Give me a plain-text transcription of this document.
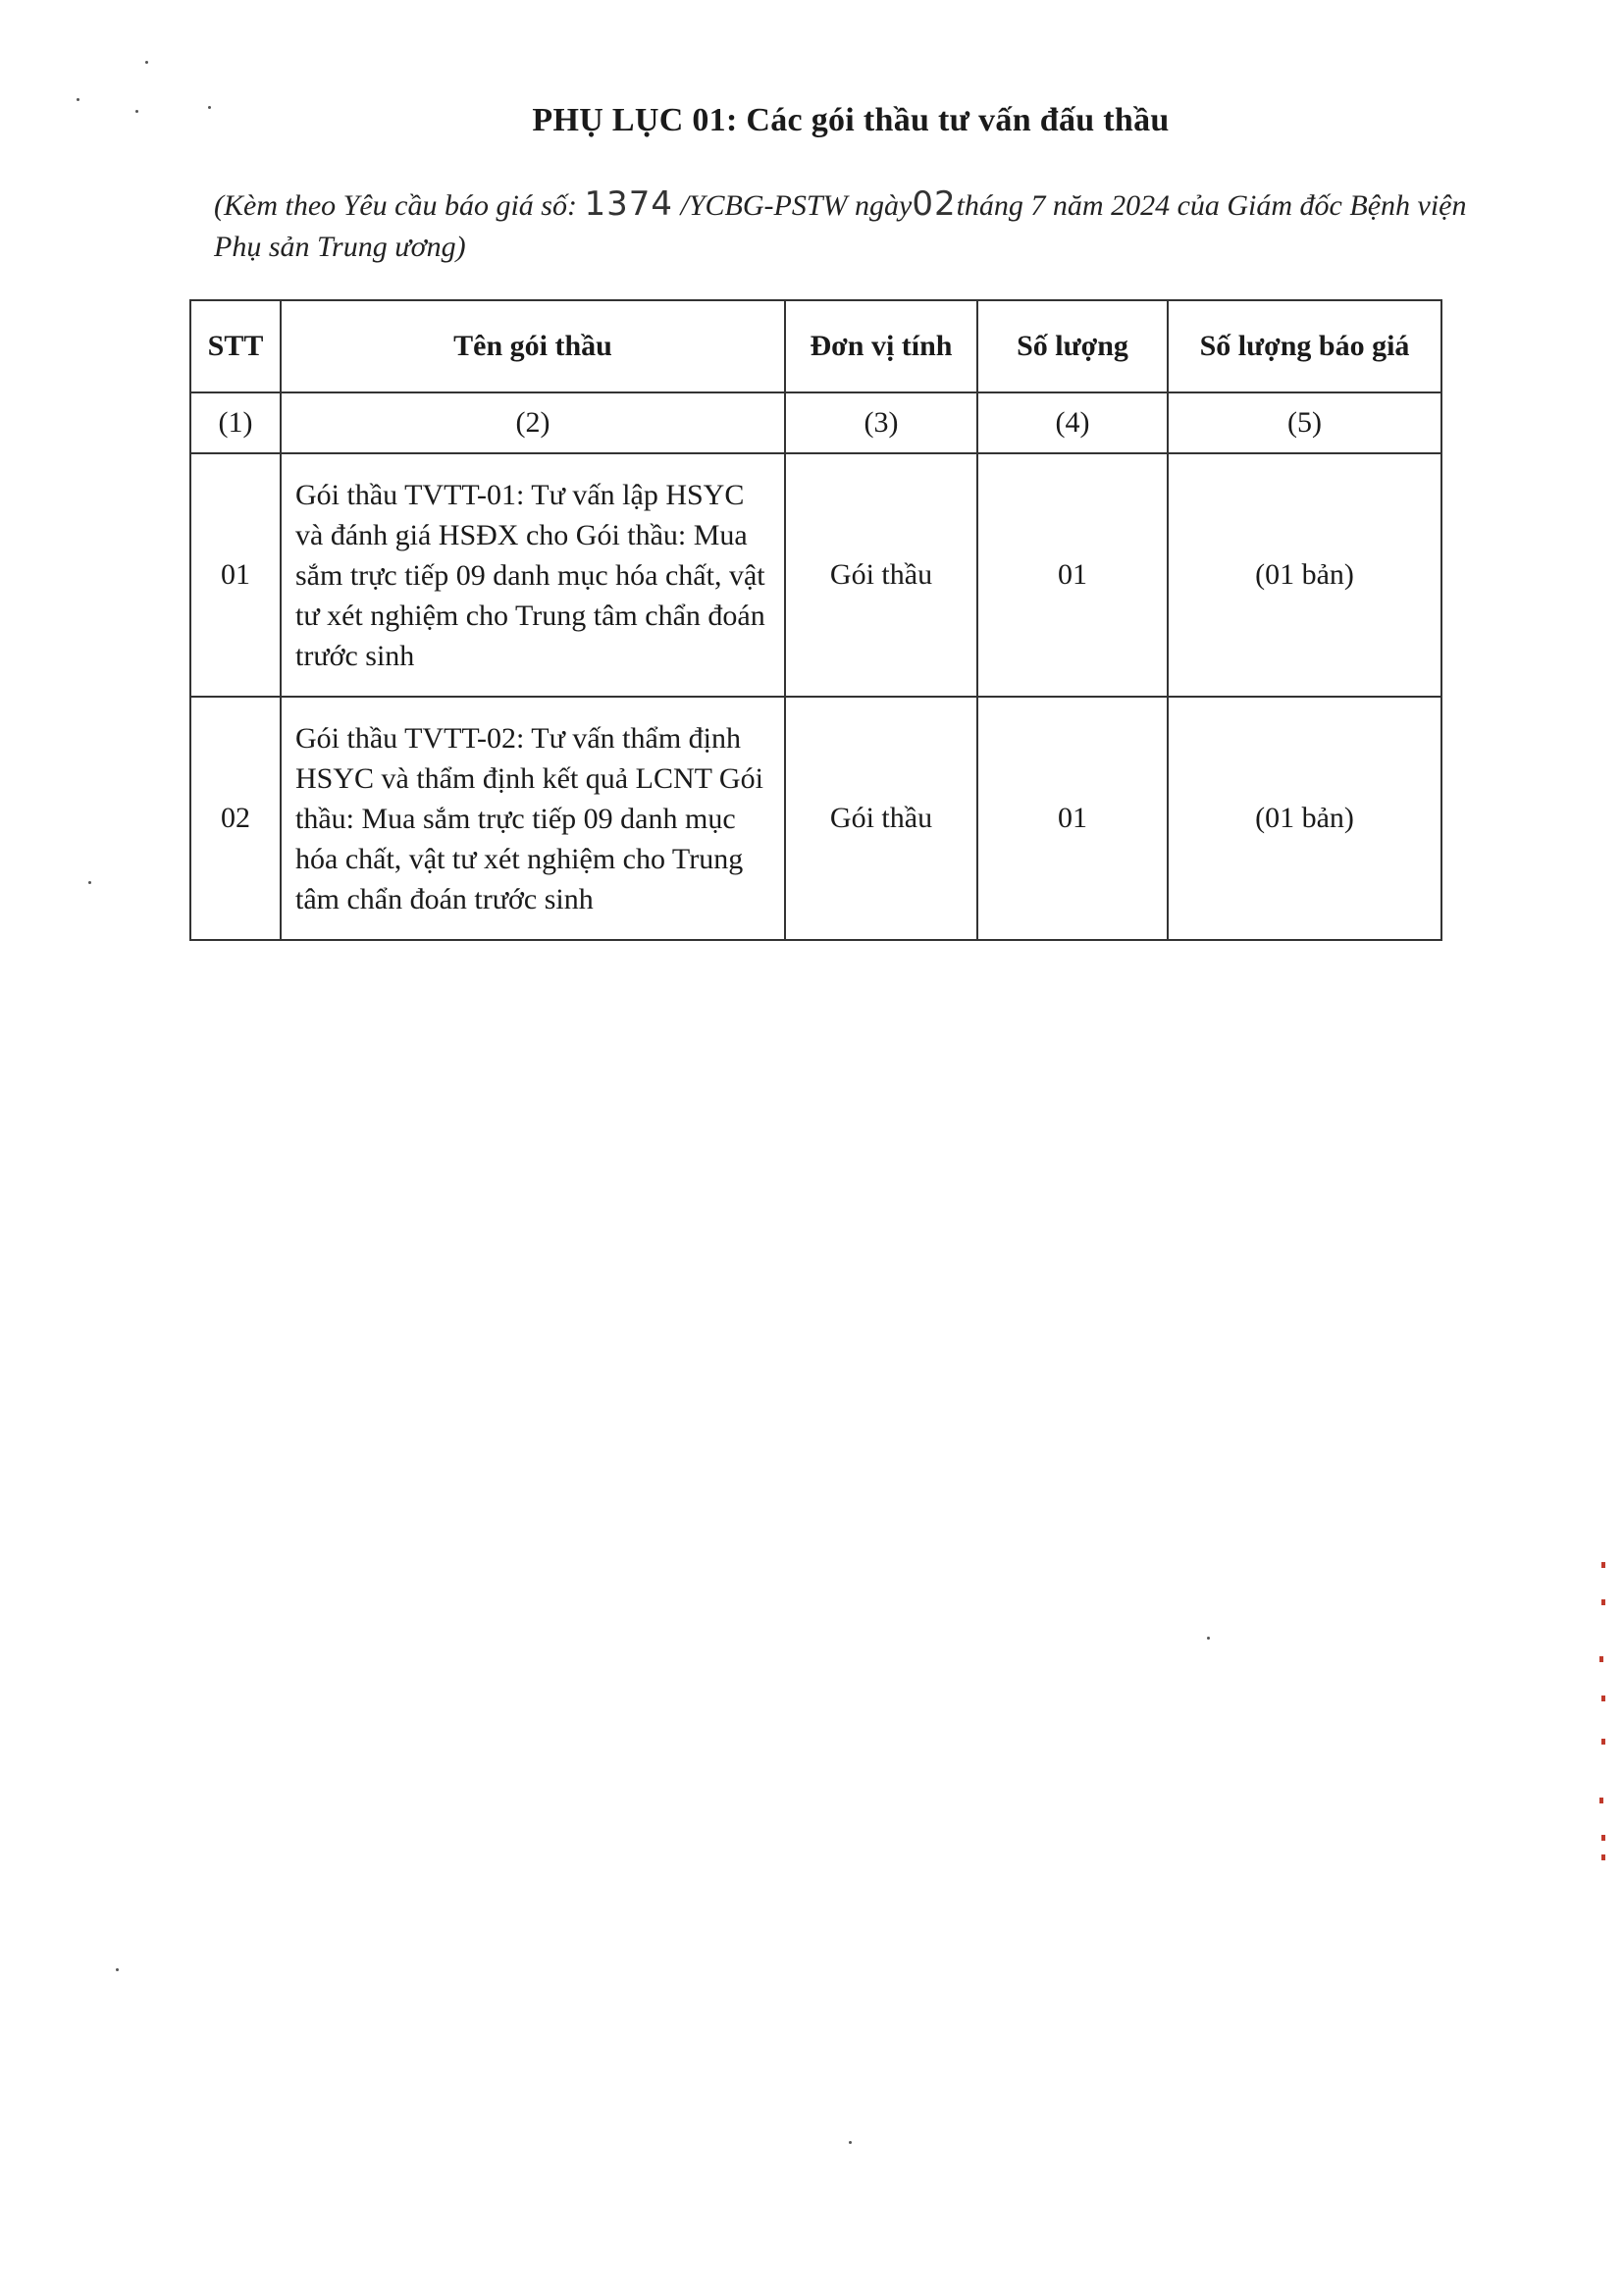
PHỤ LỤC 01: Các gói thầu tư vấn đấu thầu
(Kèm theo Yêu cầu báo giá số: 1374 /YCBG-PSTW ngày02tháng 7 năm 2024 của Giám đốc Bệnh viện Phụ sản Trung ương)
STT	Tên gói thầu	Đơn vị tính	Số lượng	Số lượng báo giá
(1)	(2)	(3)	(4)	(5)
01	Gói thầu TVTT-01: Tư vấn lập HSYC và đánh giá HSĐX cho Gói thầu: Mua sắm trực tiếp 09 danh mục hóa chất, vật tư xét nghiệm cho Trung tâm chẩn đoán trước sinh	Gói thầu	01	(01 bản)
02	Gói thầu TVTT-02: Tư vấn thẩm định HSYC và thẩm định kết quả LCNT Gói thầu: Mua sắm trực tiếp 09 danh mục hóa chất, vật tư xét nghiệm cho Trung tâm chẩn đoán trước sinh	Gói thầu	01	(01 bản)
